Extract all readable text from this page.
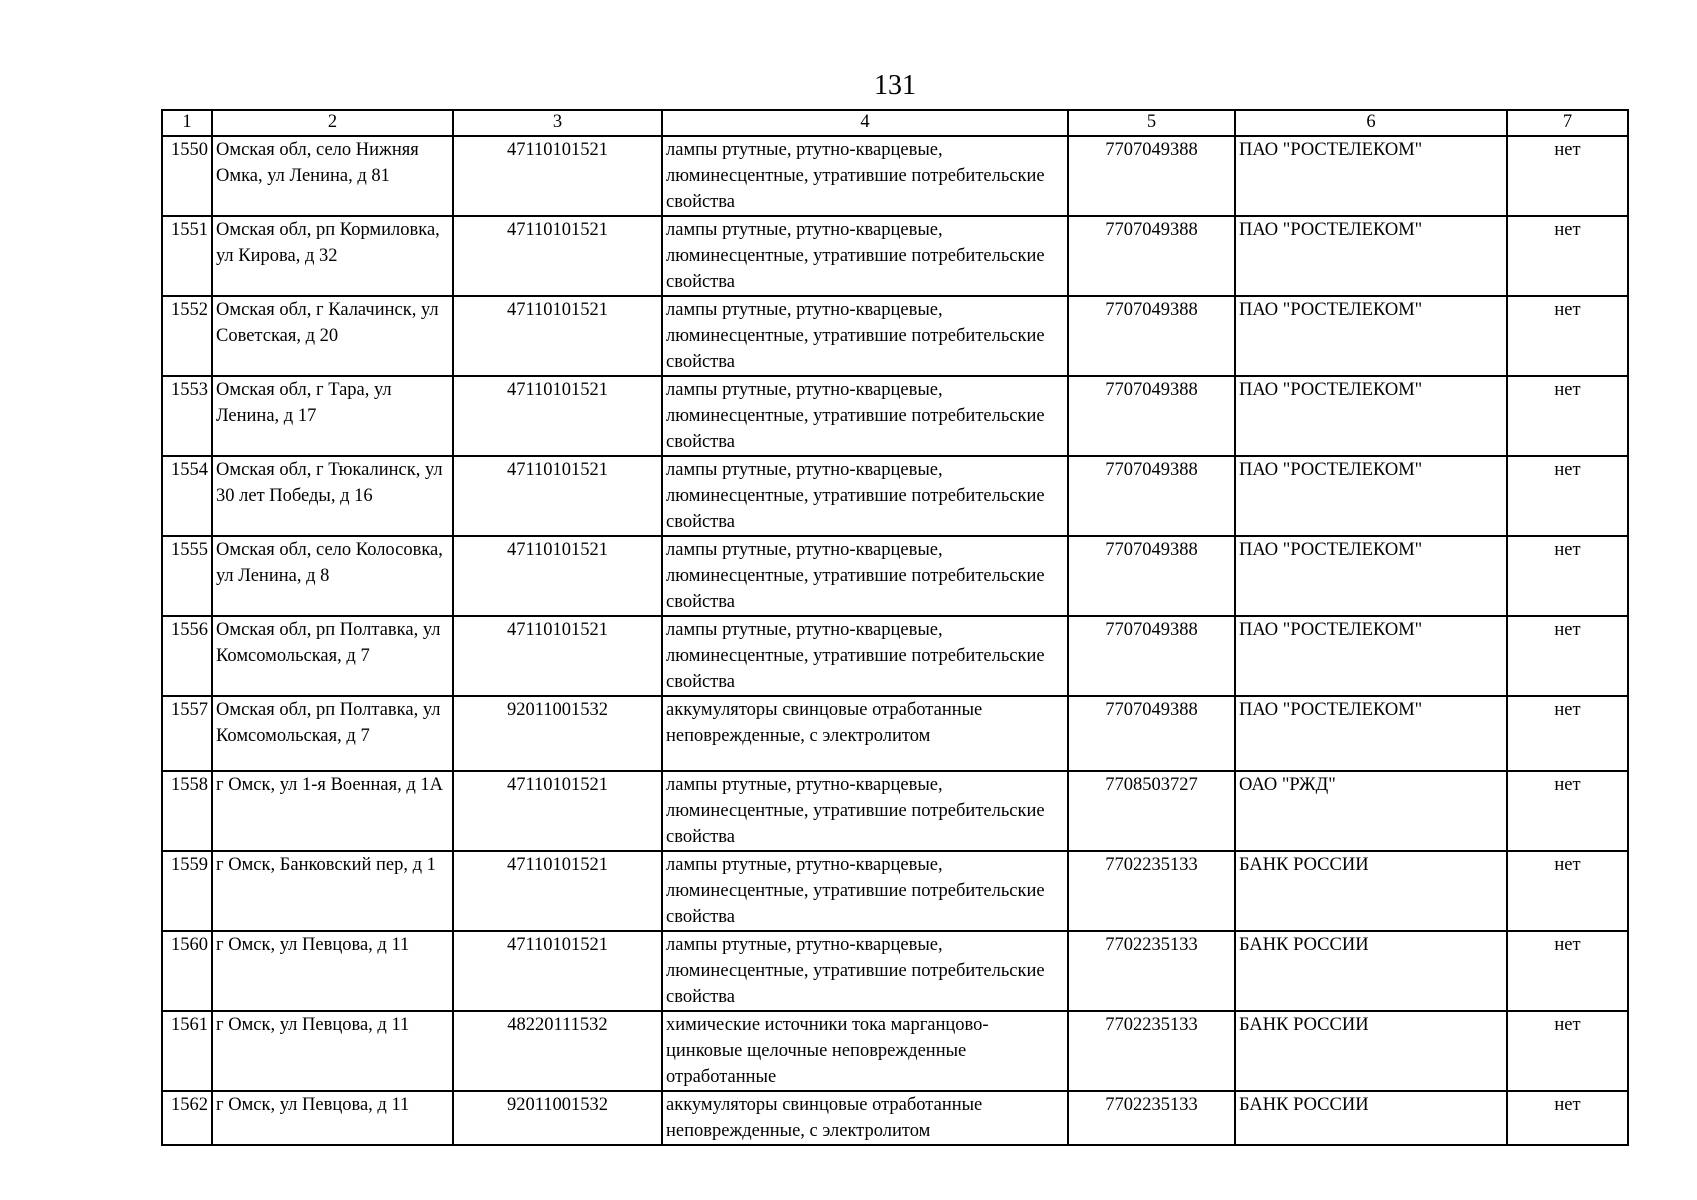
131
1	2	3	4	5	6	7
1550	Омская обл, село Нижняя Омка, ул Ленина, д 81	47110101521	лампы ртутные, ртутно-кварцевые, люминесцентные, утратившие потребительские свойства	7707049388	ПАО "РОСТЕЛЕКОМ"	нет
1551	Омская обл, рп Кормиловка, ул Кирова, д 32	47110101521	лампы ртутные, ртутно-кварцевые, люминесцентные, утратившие потребительские свойства	7707049388	ПАО "РОСТЕЛЕКОМ"	нет
1552	Омская обл, г Калачинск, ул Советская, д 20	47110101521	лампы ртутные, ртутно-кварцевые, люминесцентные, утратившие потребительские свойства	7707049388	ПАО "РОСТЕЛЕКОМ"	нет
1553	Омская обл, г Тара, ул Ленина, д 17	47110101521	лампы ртутные, ртутно-кварцевые, люминесцентные, утратившие потребительские свойства	7707049388	ПАО "РОСТЕЛЕКОМ"	нет
1554	Омская обл, г Тюкалинск, ул 30 лет Победы, д 16	47110101521	лампы ртутные, ртутно-кварцевые, люминесцентные, утратившие потребительские свойства	7707049388	ПАО "РОСТЕЛЕКОМ"	нет
1555	Омская обл, село Колосовка, ул Ленина, д 8	47110101521	лампы ртутные, ртутно-кварцевые, люминесцентные, утратившие потребительские свойства	7707049388	ПАО "РОСТЕЛЕКОМ"	нет
1556	Омская обл, рп Полтавка, ул Комсомольская, д 7	47110101521	лампы ртутные, ртутно-кварцевые, люминесцентные, утратившие потребительские свойства	7707049388	ПАО "РОСТЕЛЕКОМ"	нет
1557	Омская обл, рп Полтавка, ул Комсомольская, д 7	92011001532	аккумуляторы свинцовые отработанные неповрежденные, с электролитом	7707049388	ПАО "РОСТЕЛЕКОМ"	нет
1558	г Омск, ул 1-я Военная, д 1А	47110101521	лампы ртутные, ртутно-кварцевые, люминесцентные, утратившие потребительские свойства	7708503727	ОАО "РЖД"	нет
1559	г Омск, Банковский пер, д 1	47110101521	лампы ртутные, ртутно-кварцевые, люминесцентные, утратившие потребительские свойства	7702235133	БАНК РОССИИ	нет
1560	г Омск, ул Певцова, д 11	47110101521	лампы ртутные, ртутно-кварцевые, люминесцентные, утратившие потребительские свойства	7702235133	БАНК РОССИИ	нет
1561	г Омск, ул Певцова, д 11	48220111532	химические источники тока марганцово-цинковые щелочные неповрежденные отработанные	7702235133	БАНК РОССИИ	нет
1562	г Омск, ул Певцова, д 11	92011001532	аккумуляторы свинцовые отработанные неповрежденные, с электролитом	7702235133	БАНК РОССИИ	нет
